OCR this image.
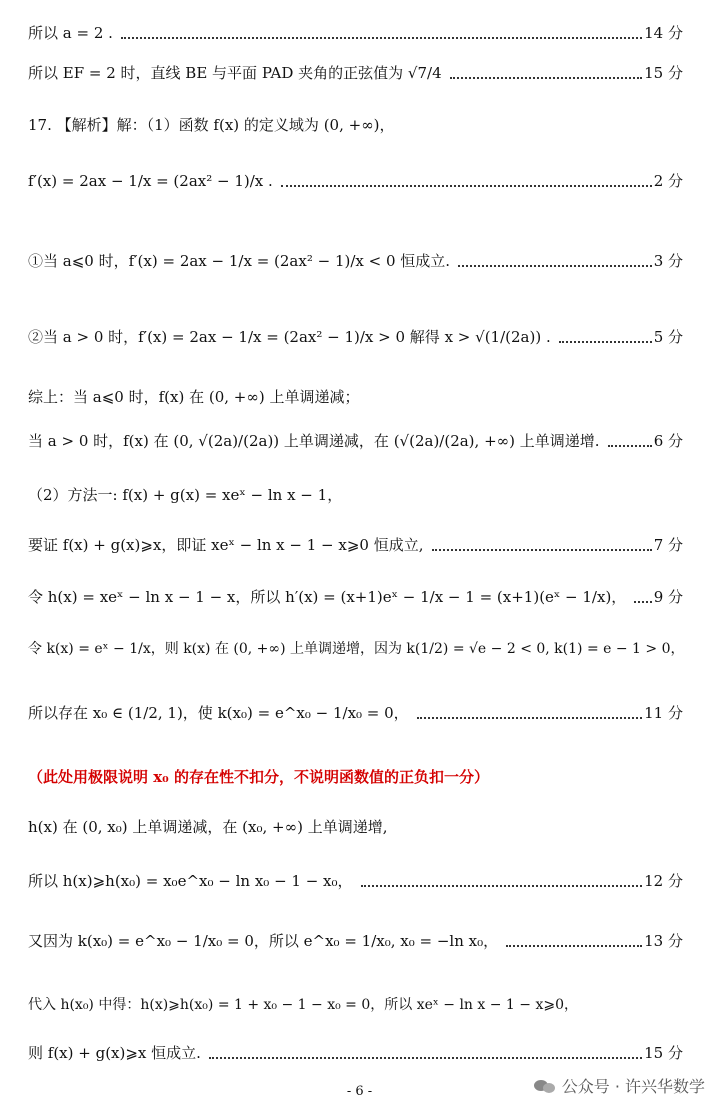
所以 a = 2 .	14 分
所以 EF = 2 时，直线 BE 与平面 PAD 夹角的正弦值为 √7/4	15 分
17. 【解析】解：（1）函数 f(x) 的定义域为 (0, +∞)，
f′(x) = 2ax − 1/x = (2ax² − 1)/x .	2 分
①当 a⩽0 时，f′(x) = 2ax − 1/x = (2ax² − 1)/x < 0 恒成立.	3 分
②当 a > 0 时，f′(x) = 2ax − 1/x = (2ax² − 1)/x > 0 解得 x > √(1/(2a)) .	5 分
综上：当 a⩽0 时，f(x) 在 (0, +∞) 上单调递减；
当 a > 0 时，f(x) 在 (0, √(2a)/(2a)) 上单调递减，在 (√(2a)/(2a), +∞) 上单调递增.	6 分
（2）方法一: f(x) + g(x) = xeˣ − ln x − 1，
要证 f(x) + g(x)⩾x，即证 xeˣ − ln x − 1 − x⩾0 恒成立,	7 分
令 h(x) = xeˣ − ln x − 1 − x，所以 h′(x) = (x+1)eˣ − 1/x − 1 = (x+1)(eˣ − 1/x)， 9 分
令 k(x) = eˣ − 1/x，则 k(x) 在 (0, +∞) 上单调递增，因为 k(1/2) = √e − 2 < 0, k(1) = e − 1 > 0，
所以存在 x₀ ∈ (1/2, 1)，使 k(x₀) = e^x₀ − 1/x₀ = 0，	11 分
（此处用极限说明 x₀ 的存在性不扣分，不说明函数值的正负扣一分）
h(x) 在 (0, x₀) 上单调递减，在 (x₀, +∞) 上单调递增,
所以 h(x)⩾h(x₀) = x₀e^x₀ − ln x₀ − 1 − x₀，	12 分
又因为 k(x₀) = e^x₀ − 1/x₀ = 0，所以 e^x₀ = 1/x₀, x₀ = −ln x₀，	13 分
代入 h(x₀) 中得：h(x)⩾h(x₀) = 1 + x₀ − 1 − x₀ = 0，所以 xeˣ − ln x − 1 − x⩾0，
则 f(x) + g(x)⩾x 恒成立.	15 分
- 6 -	公众号 · 许兴华数学
